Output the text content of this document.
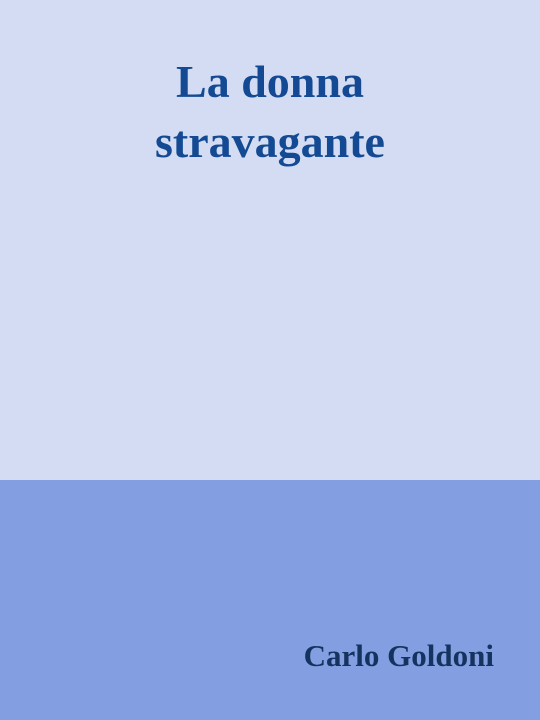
La donna
stravagante

Carlo Goldoni
